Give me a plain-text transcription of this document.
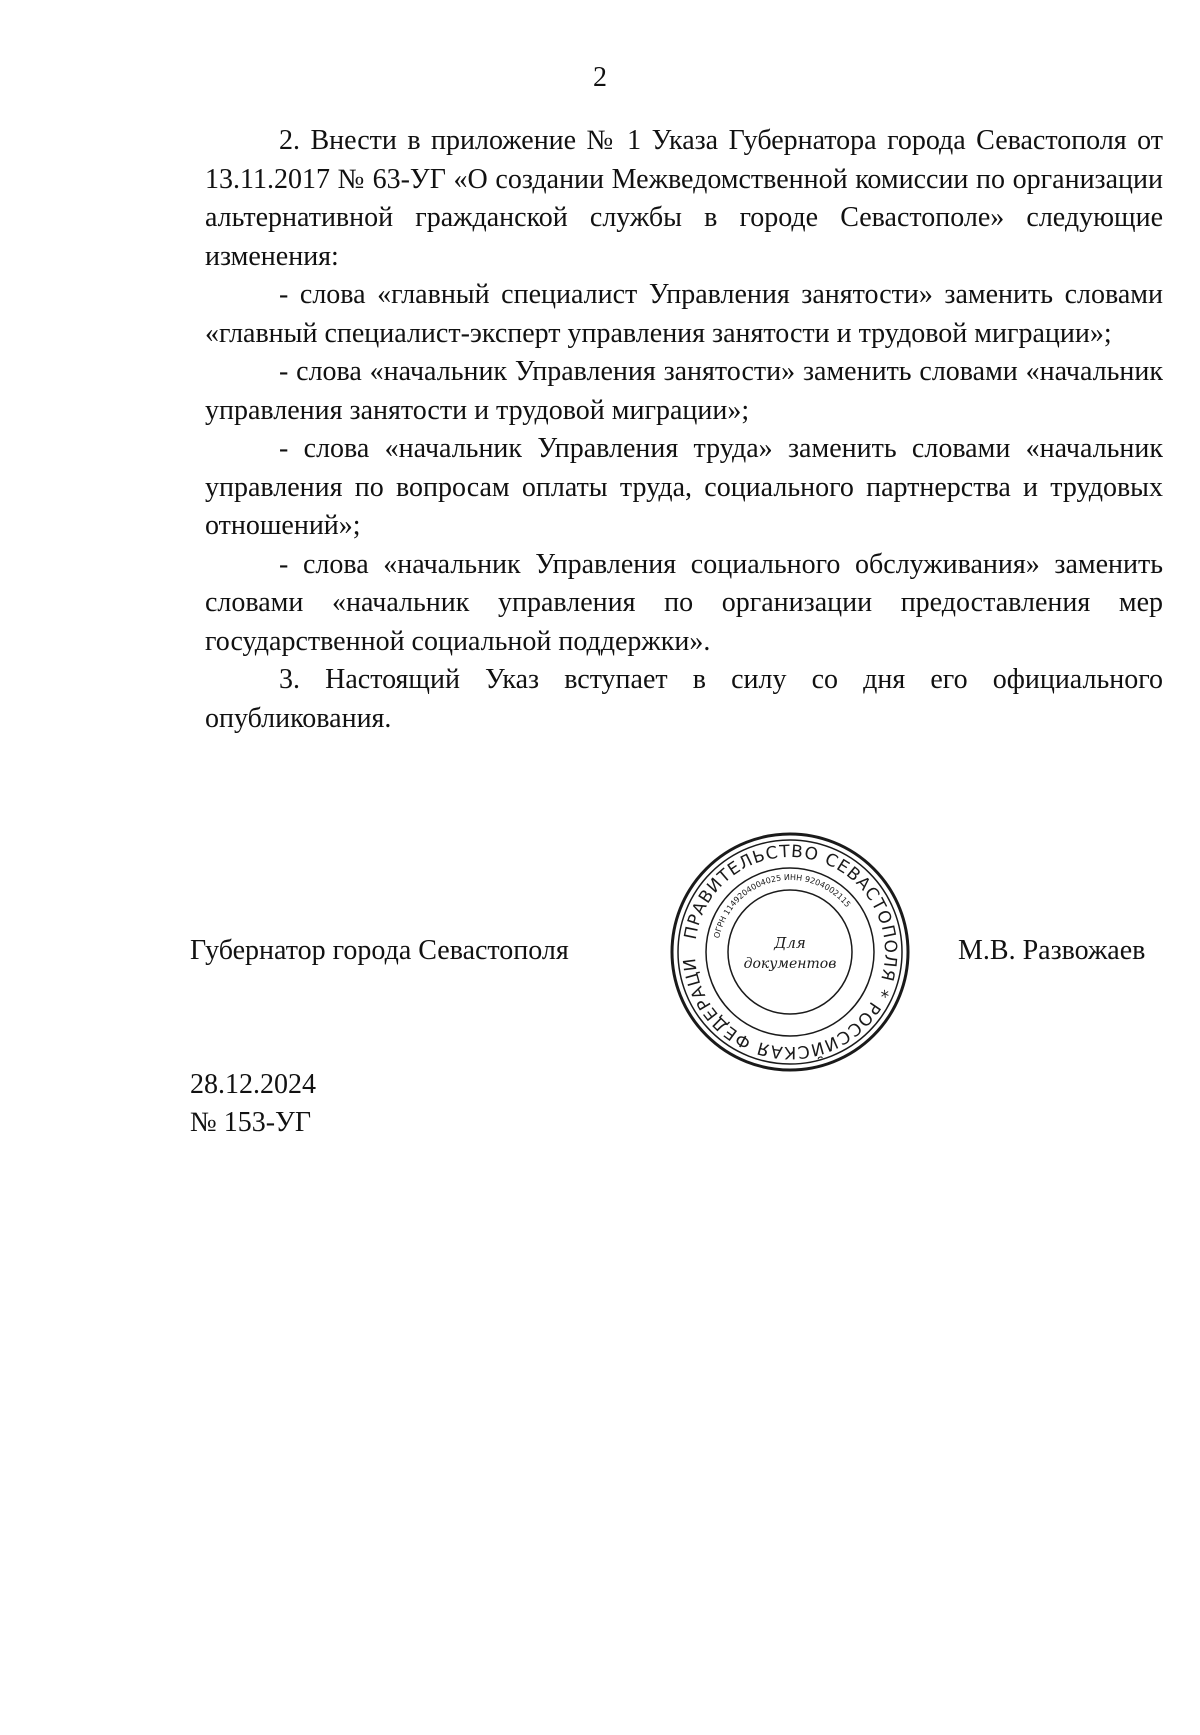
2

2. Внести в приложение № 1 Указа Губернатора города Севастополя от 13.11.2017 № 63-УГ «О создании Межведомственной комиссии по организации альтернативной гражданской службы в городе Севастополе» следующие изменения:

- слова «главный специалист Управления занятости» заменить словами «главный специалист-эксперт управления занятости и трудовой миграции»;

- слова «начальник Управления занятости» заменить словами «начальник управления занятости и трудовой миграции»;

- слова «начальник Управления труда» заменить словами «начальник управления по вопросам оплаты труда, социального партнерства и трудовых отношений»;

- слова «начальник Управления социального обслуживания» заменить словами «начальник управления по организации предоставления мер государственной социальной поддержки».

3. Настоящий Указ вступает в силу со дня его официального опубликования.

Губернатор города Севастополя
ПРАВИТЕЛЬСТВО СЕВАСТОПОЛЯ * РОССИЙСКАЯ ФЕДЕРАЦИ
ОГРН 1149204004025 ИНН 9204002115
Для
документов	М.В. Развожаев
28.12.2024
№ 153-УГ
